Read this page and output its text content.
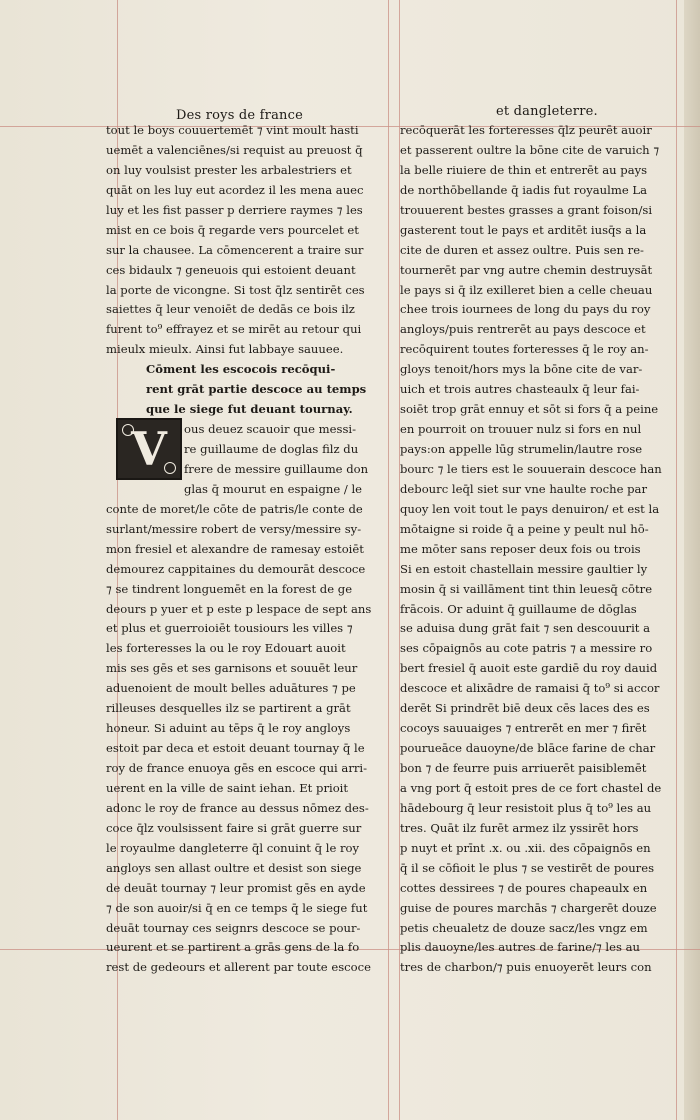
Des roys de france	et dangleterre.
V
tout le boys couuertemēt ⁊ vint moult hasti
uemēt a valenciēnes/si requist au preuost q̄
on luy voulsist prester les arbalestriers et
quāt on les luy eut acordez il les mena auec
luy et les fist passer p derriere raymes ⁊ les
mist en ce bois q̄ regarde vers pourcelet et
sur la chausee. La cōmencerent a traire sur
ces bidaulx ⁊ geneuois qui estoient deuant
la porte de vicongne. Si tost q̄lz sentirēt ces
saiettes q̄ leur venoiēt de dedās ce bois ilz
furent to⁹ effrayez et se mirēt au retour qui
mieulx mieulx. Ainsi fut labbaye sauuee.
Cōment les escocois recōqui-
rent grāt partie descoce au temps
que le siege fut deuant tournay.
ous deuez scauoir que messi-
re guillaume de doglas filz du
frere de messire guillaume don
glas q̄ mourut en espaigne / le
conte de moret/le cōte de patris/le conte de
surlant/messire robert de versy/messire sy-
mon fresiel et alexandre de ramesay estoiēt
demourez cappitaines du demourāt descoce
⁊ se tindrent longuemēt en la forest de ge
deours p yuer et p este p lespace de sept ans
et plus et guerroioiēt tousiours les villes ⁊
les forteresses la ou le roy Edouart auoit
mis ses gēs et ses garnisons et souuēt leur
aduenoient de moult belles aduātures ⁊ pe
rilleuses desquelles ilz se partirent a grāt
honeur. Si aduint au tēps q̄ le roy angloys
estoit par deca et estoit deuant tournay q̄ le
roy de france enuoya gēs en escoce qui arri-
uerent en la ville de saint iehan. Et prioit
adonc le roy de france au dessus nōmez des-
coce q̄lz voulsissent faire si grāt guerre sur
le royaulme dangleterre q̄l conuint q̄ le roy
angloys sen allast oultre et desist son siege
de deuāt tournay ⁊ leur promist gēs en ayde
⁊ de son auoir/si q̄ en ce temps q̄ le siege fut
deuāt tournay ces seignrs descoce se pour-
ueurent et se partirent a grās gens de la fo
rest de gedeours et allerent par toute escoce
recōquerāt les forteresses q̄lz peurēt auoir
et passerent oultre la bōne cite de varuich ⁊
la belle riuiere de thin et entrerēt au pays
de northōbellande q̄ iadis fut royaulme La
trouuerent bestes grasses a grant foison/si
gasterent tout le pays et arditēt iusq̄s a la
cite de duren et assez oultre. Puis sen re-
tournerēt par vng autre chemin destruysāt
le pays si q̄ ilz exilleret bien a celle cheuau
chee trois iournees de long du pays du roy
angloys/puis rentrerēt au pays descoce et
recōquirent toutes forteresses q̄ le roy an-
gloys tenoit/hors mys la bōne cite de var-
uich et trois autres chasteaulx q̄ leur fai-
soiēt trop grāt ennuy et sōt si fors q̄ a peine
en pourroit on trouuer nulz si fors en nul
pays:on appelle lūg strumelin/lautre rose
bourc ⁊ le tiers est le souuerain descoce han
debourc leq̄l siet sur vne haulte roche par
quoy len voit tout le pays denuiron/ et est la
mōtaigne si roide q̄ a peine y peult nul hō-
me mōter sans reposer deux fois ou trois
Si en estoit chastellain messire gaultier ly
mosin q̄ si vaillāment tint thin leuesq̄ cōtre
frācois. Or aduint q̄ guillaume de dōglas
se aduisa dung grāt fait ⁊ sen descouurit a
ses cōpaignōs au cote patris ⁊ a messire ro
bert fresiel q̄ auoit este gardiē du roy dauid
descoce et alixādre de ramaisi q̄ to⁹ si accor
derēt Si prindrēt biē deux cēs laces des es
cocoys sauuaiges ⁊ entrerēt en mer ⁊ firēt
pourueāce dauoyne/de blāce farine de char
bon ⁊ de feurre puis arriuerēt paisiblemēt
a vng port q̄ estoit pres de ce fort chastel de
hādebourg q̄ leur resistoit plus q̄ to⁹ les au
tres. Quāt ilz furēt armez ilz yssirēt hors
p nuyt et prīnt .x. ou .xii. des cōpaignōs en
q̄ il se cōfioit le plus ⁊ se vestirēt de poures
cottes dessirees ⁊ de poures chapeaulx en
guise de poures marchās ⁊ chargerēt douze
petis cheualetz de douze sacz/les vngz em
plis dauoyne/les autres de farine/⁊ les au
tres de charbon/⁊ puis enuoyerēt leurs con
